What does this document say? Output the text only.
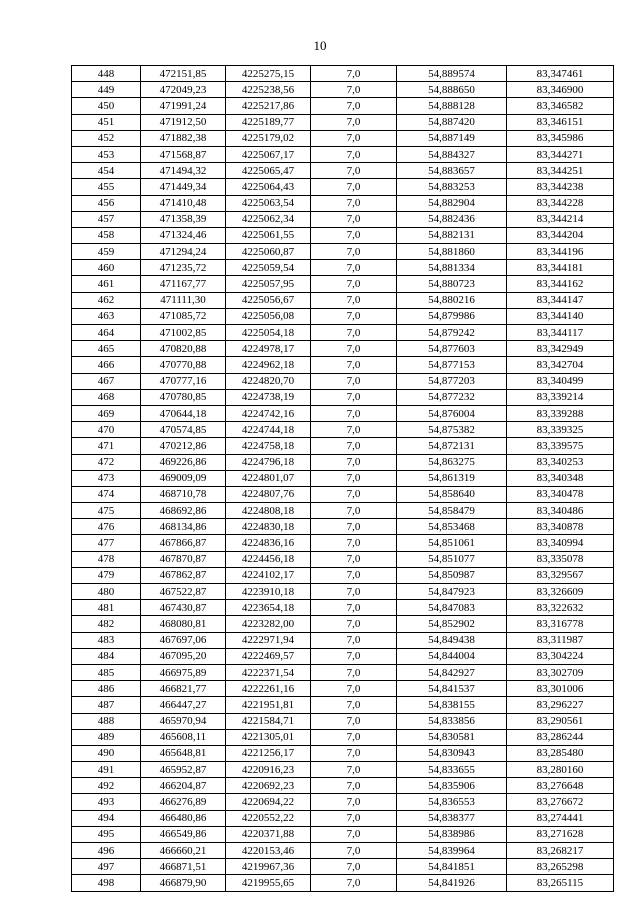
10
448	472151,85	4225275,15	7,0	54,889574	83,347461
449	472049,23	4225238,56	7,0	54,888650	83,346900
450	471991,24	4225217,86	7,0	54,888128	83,346582
451	471912,50	4225189,77	7,0	54,887420	83,346151
452	471882,38	4225179,02	7,0	54,887149	83,345986
453	471568,87	4225067,17	7,0	54,884327	83,344271
454	471494,32	4225065,47	7,0	54,883657	83,344251
455	471449,34	4225064,43	7,0	54,883253	83,344238
456	471410,48	4225063,54	7,0	54,882904	83,344228
457	471358,39	4225062,34	7,0	54,882436	83,344214
458	471324,46	4225061,55	7,0	54,882131	83,344204
459	471294,24	4225060,87	7,0	54,881860	83,344196
460	471235,72	4225059,54	7,0	54,881334	83,344181
461	471167,77	4225057,95	7,0	54,880723	83,344162
462	471111,30	4225056,67	7,0	54,880216	83,344147
463	471085,72	4225056,08	7,0	54,879986	83,344140
464	471002,85	4225054,18	7,0	54,879242	83,344117
465	470820,88	4224978,17	7,0	54,877603	83,342949
466	470770,88	4224962,18	7,0	54,877153	83,342704
467	470777,16	4224820,70	7,0	54,877203	83,340499
468	470780,85	4224738,19	7,0	54,877232	83,339214
469	470644,18	4224742,16	7,0	54,876004	83,339288
470	470574,85	4224744,18	7,0	54,875382	83,339325
471	470212,86	4224758,18	7,0	54,872131	83,339575
472	469226,86	4224796,18	7,0	54,863275	83,340253
473	469009,09	4224801,07	7,0	54,861319	83,340348
474	468710,78	4224807,76	7,0	54,858640	83,340478
475	468692,86	4224808,18	7,0	54,858479	83,340486
476	468134,86	4224830,18	7,0	54,853468	83,340878
477	467866,87	4224836,16	7,0	54,851061	83,340994
478	467870,87	4224456,18	7,0	54,851077	83,335078
479	467862,87	4224102,17	7,0	54,850987	83,329567
480	467522,87	4223910,18	7,0	54,847923	83,326609
481	467430,87	4223654,18	7,0	54,847083	83,322632
482	468080,81	4223282,00	7,0	54,852902	83,316778
483	467697,06	4222971,94	7,0	54,849438	83,311987
484	467095,20	4222469,57	7,0	54,844004	83,304224
485	466975,89	4222371,54	7,0	54,842927	83,302709
486	466821,77	4222261,16	7,0	54,841537	83,301006
487	466447,27	4221951,81	7,0	54,838155	83,296227
488	465970,94	4221584,71	7,0	54,833856	83,290561
489	465608,11	4221305,01	7,0	54,830581	83,286244
490	465648,81	4221256,17	7,0	54,830943	83,285480
491	465952,87	4220916,23	7,0	54,833655	83,280160
492	466204,87	4220692,23	7,0	54,835906	83,276648
493	466276,89	4220694,22	7,0	54,836553	83,276672
494	466480,86	4220552,22	7,0	54,838377	83,274441
495	466549,86	4220371,88	7,0	54,838986	83,271628
496	466660,21	4220153,46	7,0	54,839964	83,268217
497	466871,51	4219967,36	7,0	54,841851	83,265298
498	466879,90	4219955,65	7,0	54,841926	83,265115
